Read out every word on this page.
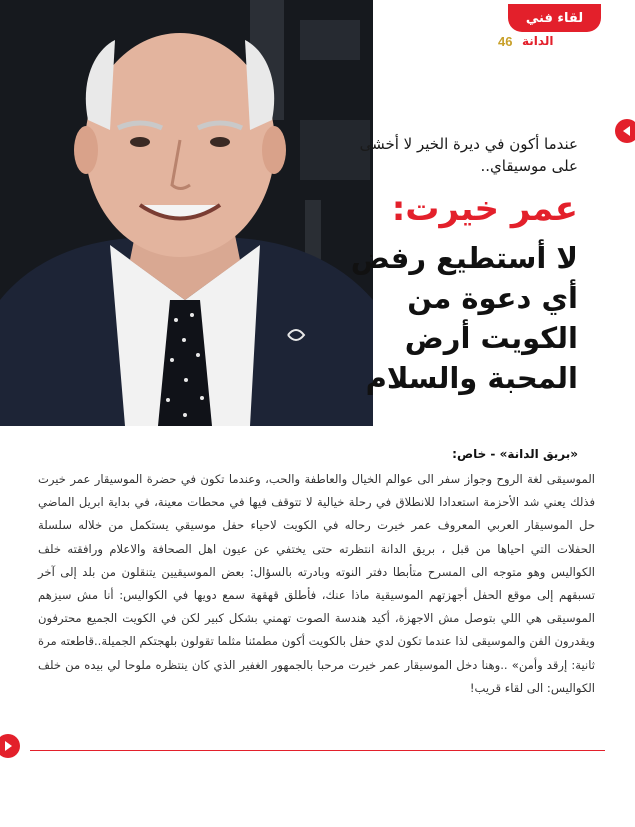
لقاء فني
الدانة
46
عندما أكون في ديرة الخير لا أخشى على موسيقاي..
عمر خيرت:
لا أستطيع رفض أي دعوة من الكويت أرض المحبة والسلام
«بريق الدانة» - خاص:
الموسيقى لغة الروح وجواز سفر الى عوالم الخيال والعاطفة والحب، وعندما تكون في حضرة الموسيقار عمر خيرت فذلك يعني شد الأحزمة استعدادا للانطلاق في رحلة خيالية لا تتوقف فيها في محطات معينة، في بداية ابريل الماضي حل الموسيقار العربي المعروف عمر خيرت رحاله في الكويت لاحياء حفل موسيقي يستكمل من خلاله سلسلة الحفلات التي احياها من قبل ، بريق الدانة انتظرته حتى يختفي عن عيون اهل الصحافة والاعلام ورافقته خلف الكواليس وهو متوجه الى المسرح متأبطا دفتر النوته وبادرته بالسؤال: بعض الموسيقيين يتنقلون من بلد إلى آخر تسبقهم إلى موقع الحفل أجهزتهم الموسيقية ماذا عنك، فأطلق قهقهة سمع دويها في الكواليس: أنا مش سيزهم الموسيقى هي اللي بتوصل مش الاجهزة، أكيد هندسة الصوت تهمني بشكل كبير لكن في الكويت الجميع محترفون ويقدرون الفن والموسيقى لذا عندما تكون لدي حفل بالكويت أكون مطمئنا مثلما تقولون بلهجتكم الجميلة..قاطعته مرة ثانية: إرقد وأمن» ..وهنا دخل الموسيقار عمر خيرت مرحبا بالجمهور الغفير الذي كان ينتظره ملوحا لي بيده من خلف الكواليس: الى لقاء قريب!
